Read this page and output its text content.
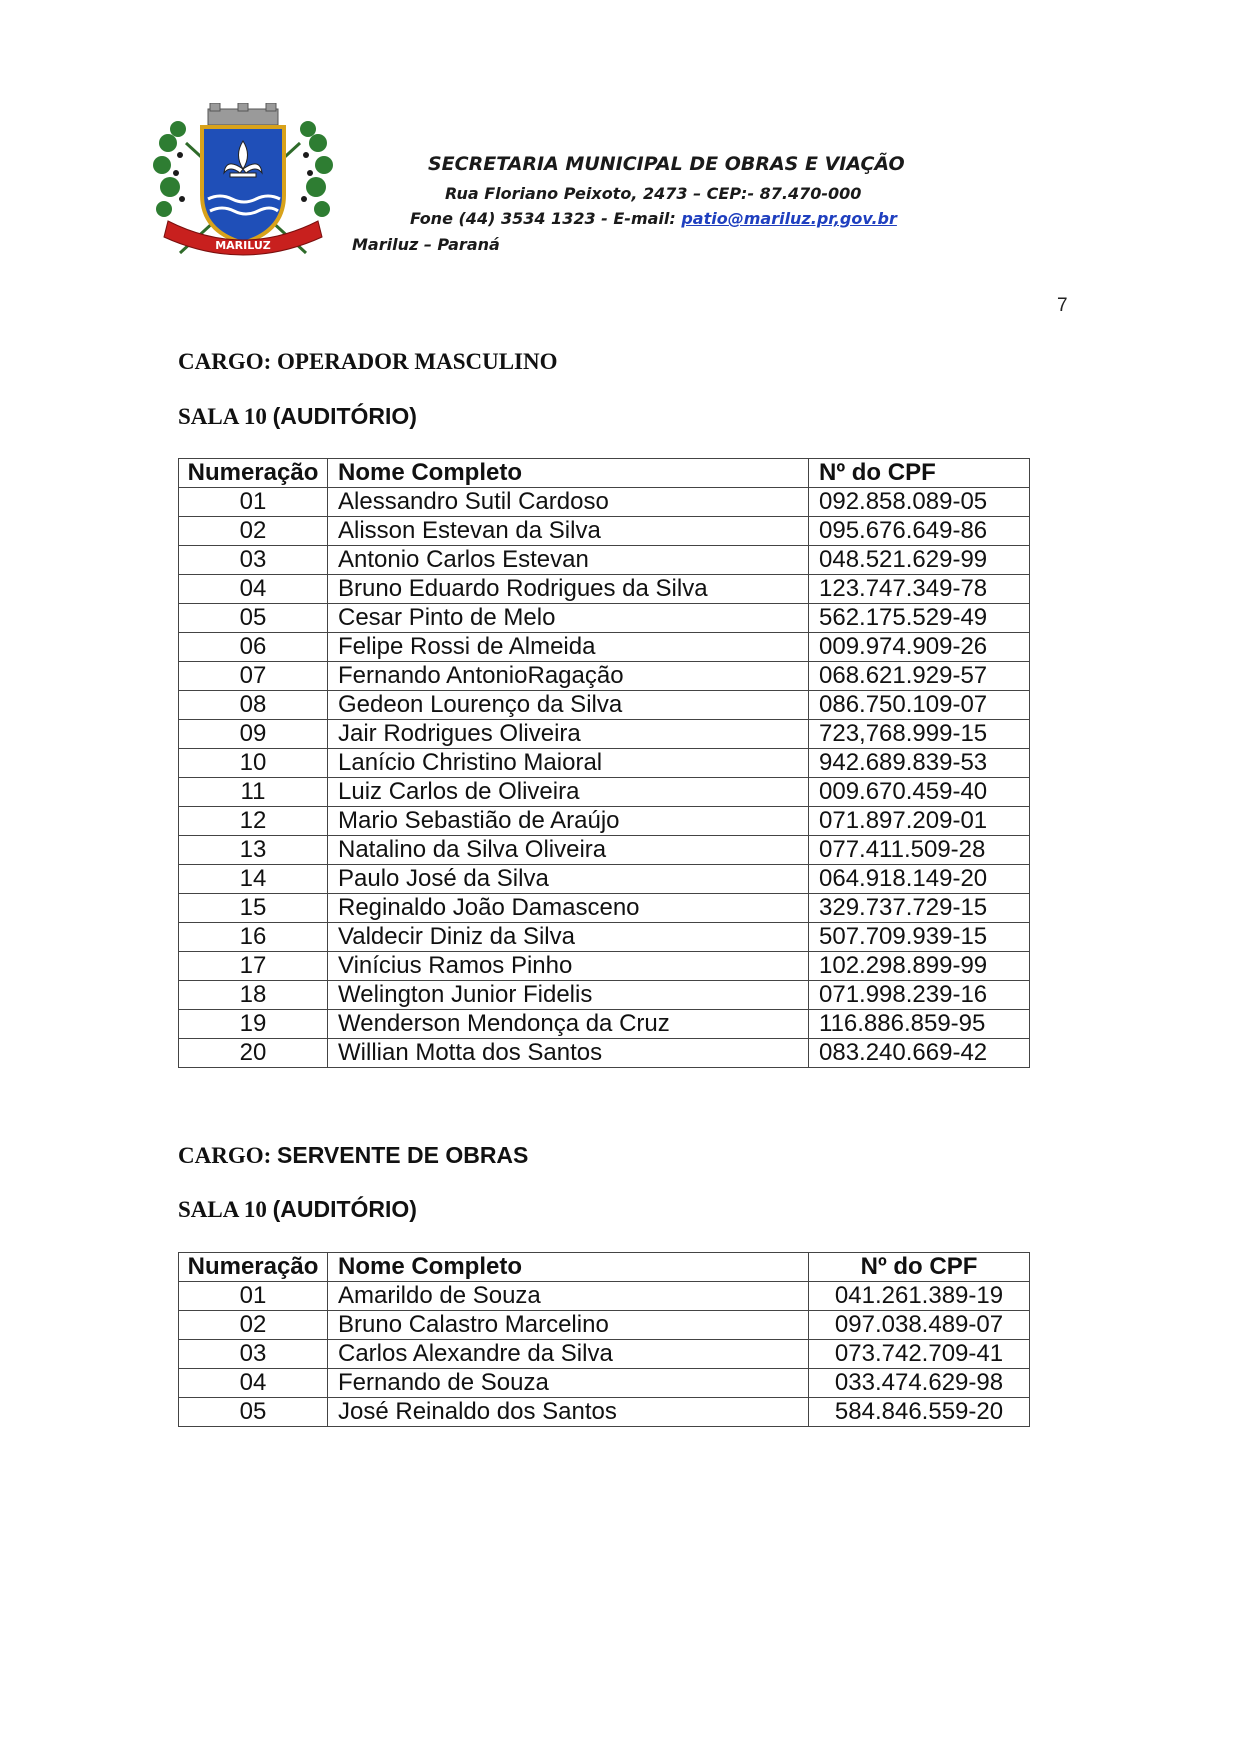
MARILUZ
SECRETARIA MUNICIPAL DE OBRAS E VIAÇÃO
Rua Floriano Peixoto, 2473 – CEP:- 87.470-000
Fone (44) 3534 1323 - E-mail: patio@mariluz.pr,gov.br
Mariluz – Paraná
7
CARGO: OPERADOR MASCULINO
SALA 10 (AUDITÓRIO)
Numeração	Nome Completo	Nº do CPF
01	Alessandro Sutil Cardoso	092.858.089-05
02	Alisson Estevan da Silva	095.676.649-86
03	Antonio Carlos Estevan	048.521.629-99
04	Bruno Eduardo Rodrigues da Silva	123.747.349-78
05	Cesar Pinto de Melo	562.175.529-49
06	Felipe Rossi de Almeida	009.974.909-26
07	Fernando AntonioRagação	068.621.929-57
08	Gedeon Lourenço da Silva	086.750.109-07
09	Jair Rodrigues Oliveira	723,768.999-15
10	Lanício Christino Maioral	942.689.839-53
11	Luiz Carlos de Oliveira	009.670.459-40
12	Mario Sebastião de Araújo	071.897.209-01
13	Natalino da Silva Oliveira	077.411.509-28
14	Paulo José da Silva	064.918.149-20
15	Reginaldo João Damasceno	329.737.729-15
16	Valdecir Diniz da Silva	507.709.939-15
17	Vinícius Ramos Pinho	102.298.899-99
18	Welington Junior Fidelis	071.998.239-16
19	Wenderson Mendonça da Cruz	116.886.859-95
20	Willian Motta dos Santos	083.240.669-42
CARGO: SERVENTE DE OBRAS
SALA 10 (AUDITÓRIO)
Numeração	Nome Completo	Nº do CPF
01	Amarildo de Souza	041.261.389-19
02	Bruno Calastro Marcelino	097.038.489-07
03	Carlos Alexandre da Silva	073.742.709-41
04	Fernando de Souza	033.474.629-98
05	José Reinaldo dos Santos	584.846.559-20
